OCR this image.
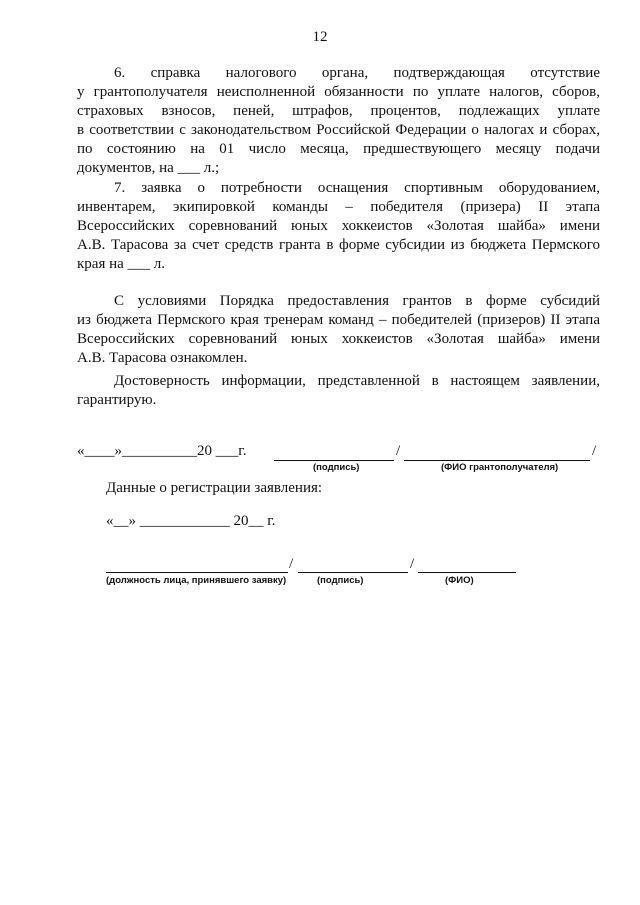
12
6. справка налогового органа, подтверждающая отсутствие
у грантополучателя неисполненной обязанности по уплате налогов, сборов,
страховых взносов, пеней, штрафов, процентов, подлежащих уплате
в соответствии с законодательством Российской Федерации о налогах и сборах,
по состоянию на 01 число месяца, предшествующего месяцу подачи
документов, на ___ л.;
7. заявка о потребности оснащения спортивным оборудованием,
инвентарем, экипировкой команды – победителя (призера) II этапа
Всероссийских соревнований юных хоккеистов «Золотая шайба» имени
А.В. Тарасова за счет средств гранта в форме субсидии из бюджета Пермского
края на ___ л.
С условиями Порядка предоставления грантов в форме субсидий
из бюджета Пермского края тренерам команд – победителей (призеров) II этапа
Всероссийских соревнований юных хоккеистов «Золотая шайба» имени
А.В. Тарасова ознакомлен.
Достоверность информации, представленной в настоящем заявлении,
гарантирую.
«____»__________20 ___г.	/	/
(подпись)	(ФИО грантополучателя)
Данные о регистрации заявления:
«__» ____________ 20__ г.
/	/
(должность лица, принявшего заявку)	(подпись)	(ФИО)
